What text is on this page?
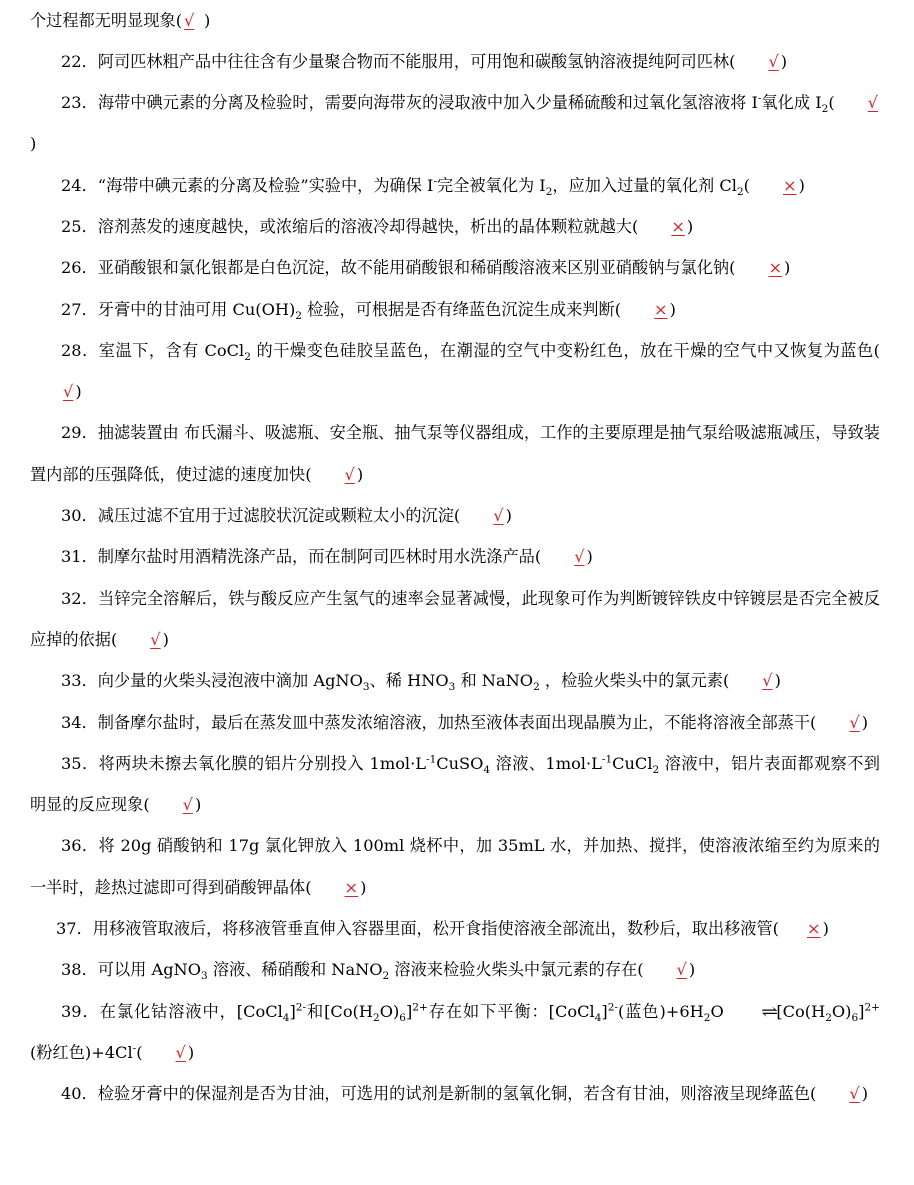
个过程都无明显现象( √ )

22．阿司匹林粗产品中往往含有少量聚合物而不能服用，可用饱和碳酸氢钠溶液提纯阿司匹林( √ )

23．海带中碘元素的分离及检验时，需要向海带灰的浸取液中加入少量稀硫酸和过氧化氢溶液将 I-氧化成 $I_2$( √)

24．“海带中碘元素的分离及检验”实验中，为确保 I-完全被氧化为 $I_2$，应加入过量的氧化剂 $Cl_2$( × )

25．溶剂蒸发的速度越快，或浓缩后的溶液冷却得越快，析出的晶体颗粒就越大( × )

26．亚硝酸银和氯化银都是白色沉淀，故不能用硝酸银和稀硝酸溶液来区别亚硝酸钠与氯化钠( × )

27．牙膏中的甘油可用 $Cu(OH)_2$ 检验，可根据是否有绛蓝色沉淀生成来判断( × )

28．室温下，含有 CoCl$_2$ 的干燥变色硅胶呈蓝色，在潮湿的空气中变粉红色，放在干燥的空气中又恢复为蓝色(√ )

29．抽滤装置由 布氏漏斗、吸滤瓶、安全瓶、抽气泵等仪器组成，工作的主要原理是抽气泵给吸滤瓶减压，导致装置内部的压强降低，使过滤的速度加快( √ )

30．减压过滤不宜用于过滤胶状沉淀或颗粒太小的沉淀( √ )

31．制摩尔盐时用酒精洗涤产品，而在制阿司匹林时用水洗涤产品( √ )

32．当锌完全溶解后，铁与酸反应产生氢气的速率会显著减慢，此现象可作为判断镀锌铁皮中锌镀层是否完全被反应掉的依据( √ )

33．向少量的火柴头浸泡液中滴加 AgNO$_3$、稀 $HNO_3$ 和 NaNO$_2$ ，检验火柴头中的氯元素( √ )

34．制备摩尔盐时，最后在蒸发皿中蒸发浓缩溶液，加热至液体表面出现晶膜为止，不能将溶液全部蒸干( √ )

35．将两块未擦去氧化膜的铝片分别投入 $1mol\cdot L^{-1}CuSO_4$ 溶液、$1mol\cdot L^{-1}CuCl_2$ 溶液中，铝片表面都观察不到明显的反应现象( √ )

36．将 20g 硝酸钠和 17g 氯化钾放入 100ml 烧杯中，加 35mL 水，并加热、搅拌，使溶液浓缩至约为原来的一半时，趁热过滤即可得到硝酸钾晶体( × )

37．用移液管取液后，将移液管垂直伸入容器里面，松开食指使溶液全部流出，数秒后，取出移液管( × )

38．可以用 AgNO$_3$ 溶液、稀硝酸和 NaNO$_2$ 溶液来检验火柴头中氯元素的存在( √ )

39．在氯化钴溶液中，[CoCl$_4$]$^{2-}$和$[Co(H_2O)_6]^{2+}$存在如下平衡：[CoCl$_4$]$^{2-}$(蓝色)$+6H_2O$ $\rightleftharpoons[Co(H_2O)_6]^{2+}$(粉红色)+4Cl-( √ )

40．检验牙膏中的保湿剂是否为甘油，可选用的试剂是新制的氢氧化铜，若含有甘油，则溶液呈现绛蓝色( √ )
